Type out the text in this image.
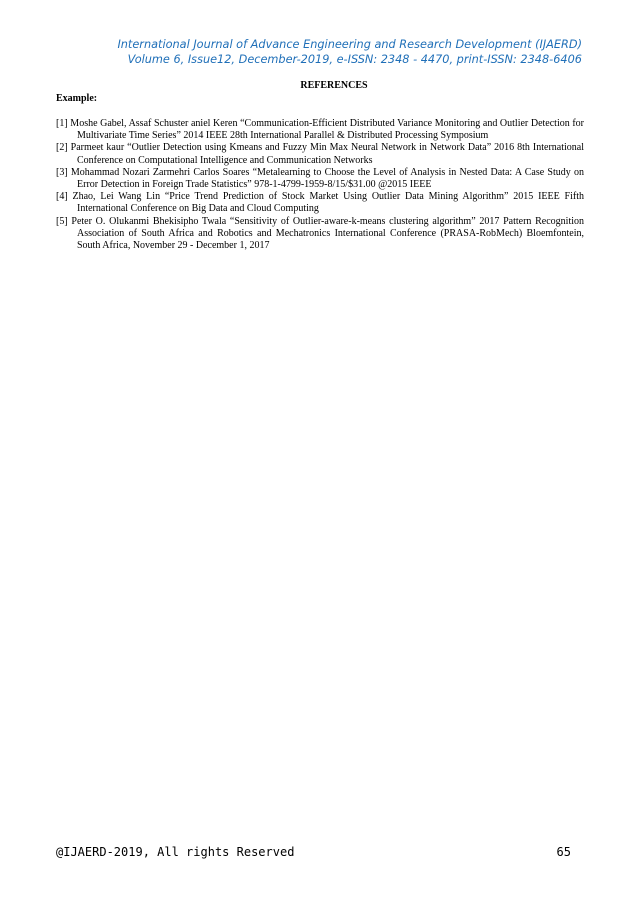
International Journal of Advance Engineering and Research Development (IJAERD)
Volume 6, Issue12, December-2019, e-ISSN: 2348 - 4470, print-ISSN: 2348-6406
REFERENCES
Example:

[1] Moshe Gabel, Assaf Schuster aniel Keren “Communication-Efficient Distributed Variance Monitoring and Outlier Detection for Multivariate Time Series” 2014 IEEE 28th International Parallel & Distributed Processing Symposium

[2] Parmeet kaur “Outlier Detection using Kmeans and Fuzzy Min Max Neural Network in Network Data” 2016 8th International Conference on Computational Intelligence and Communication Networks

[3] Mohammad Nozari Zarmehri Carlos Soares “Metalearning to Choose the Level of Analysis in Nested Data: A Case Study on Error Detection in Foreign Trade Statistics” 978-1-4799-1959-8/15/$31.00 @2015 IEEE

[4] Zhao, Lei Wang Lin “Price Trend Prediction of Stock Market Using Outlier Data Mining Algorithm” 2015 IEEE Fifth International Conference on Big Data and Cloud Computing

[5] Peter O. Olukanmi Bhekisipho Twala “Sensitivity of Outlier-aware-k-means clustering algorithm” 2017 Pattern Recognition Association of South Africa and Robotics and Mechatronics International Conference (PRASA-RobMech) Bloemfontein, South Africa, November 29 - December 1, 2017

@IJAERD-2019, All rights Reserved	65
